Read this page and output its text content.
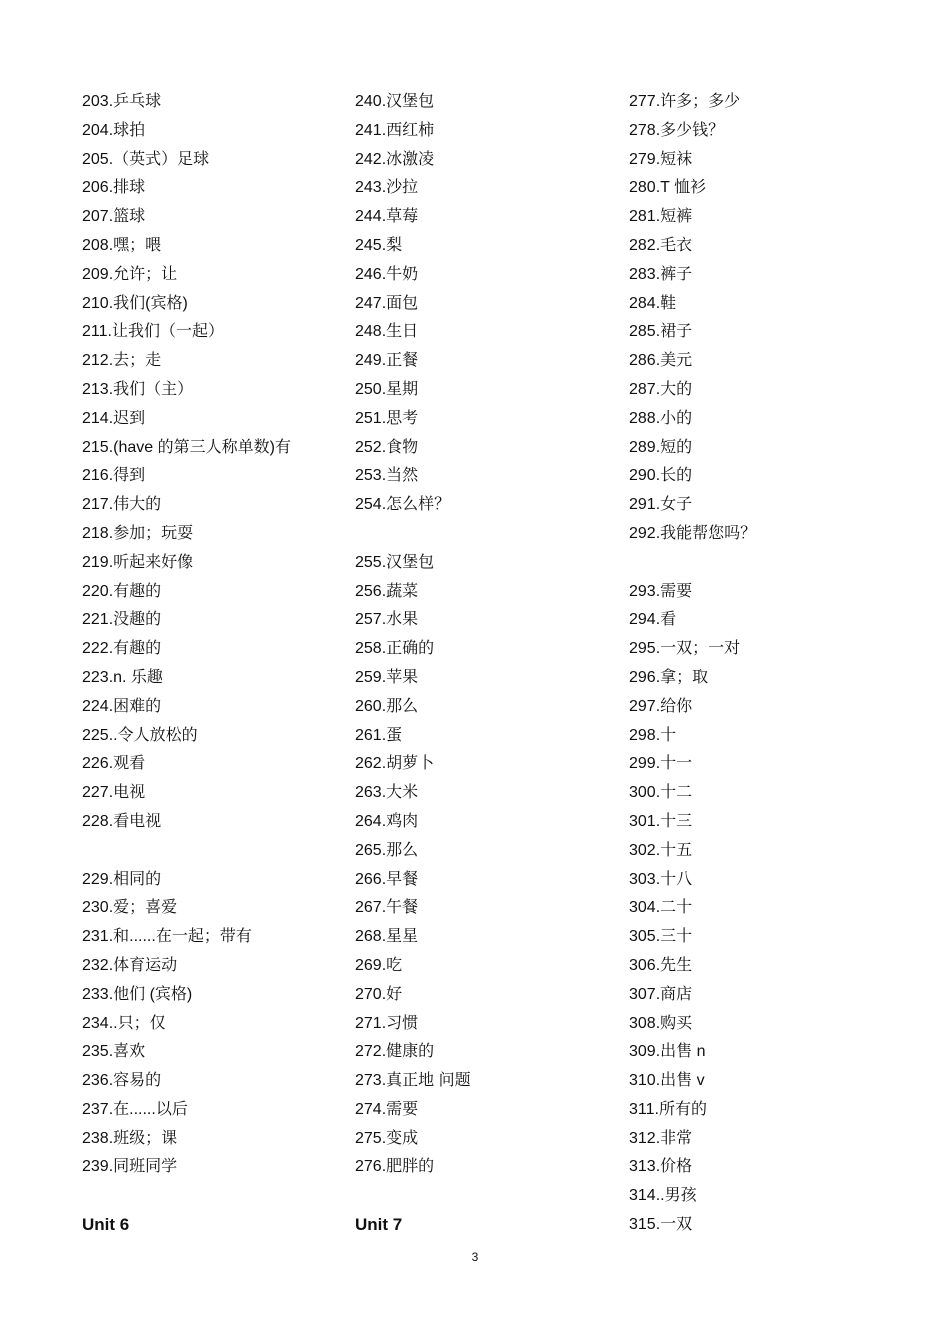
203.乒乓球
204.球拍
205.（英式）足球
206.排球
207.篮球
208.嘿；喂
209.允许；让
210.我们(宾格)
211.让我们（一起）
212.去；走
213.我们（主）
214.迟到
215.(have 的第三人称单数)有
216.得到
217.伟大的
218.参加；玩耍
219.听起来好像
220.有趣的
221.没趣的
222.有趣的
223.n. 乐趣
224.困难的
225..令人放松的
226.观看
227.电视
228.看电视
229.相同的
230.爱；喜爱
231.和......在一起；带有
232.体育运动
233.他们 (宾格)
234..只；仅
235.喜欢
236.容易的
237.在......以后
238.班级；课
239.同班同学
Unit 6
240.汉堡包
241.西红柿
242.冰激凌
243.沙拉
244.草莓
245.梨
246.牛奶
247.面包
248.生日
249.正餐
250.星期
251.思考
252.食物
253.当然
254.怎么样？
255.汉堡包
256.蔬菜
257.水果
258.正确的
259.苹果
260.那么
261.蛋
262.胡萝卜
263.大米
264.鸡肉
265.那么
266.早餐
267.午餐
268.星星
269.吃
270.好
271.习惯
272.健康的
273.真正地 问题
274.需要
275.变成
276.肥胖的
Unit 7
277.许多；多少
278.多少钱？
279.短袜
280.T 恤衫
281.短裤
282.毛衣
283.裤子
284.鞋
285.裙子
286.美元
287.大的
288.小的
289.短的
290.长的
291.女子
292.我能帮您吗？
293.需要
294.看
295.一双；一对
296.拿；取
297.给你
298.十
299.十一
300.十二
301.十三
302.十五
303.十八
304.二十
305.三十
306.先生
307.商店
308.购买
309.出售 n
310.出售 v
311.所有的
312.非常
313.价格
314..男孩
315.一双
3
